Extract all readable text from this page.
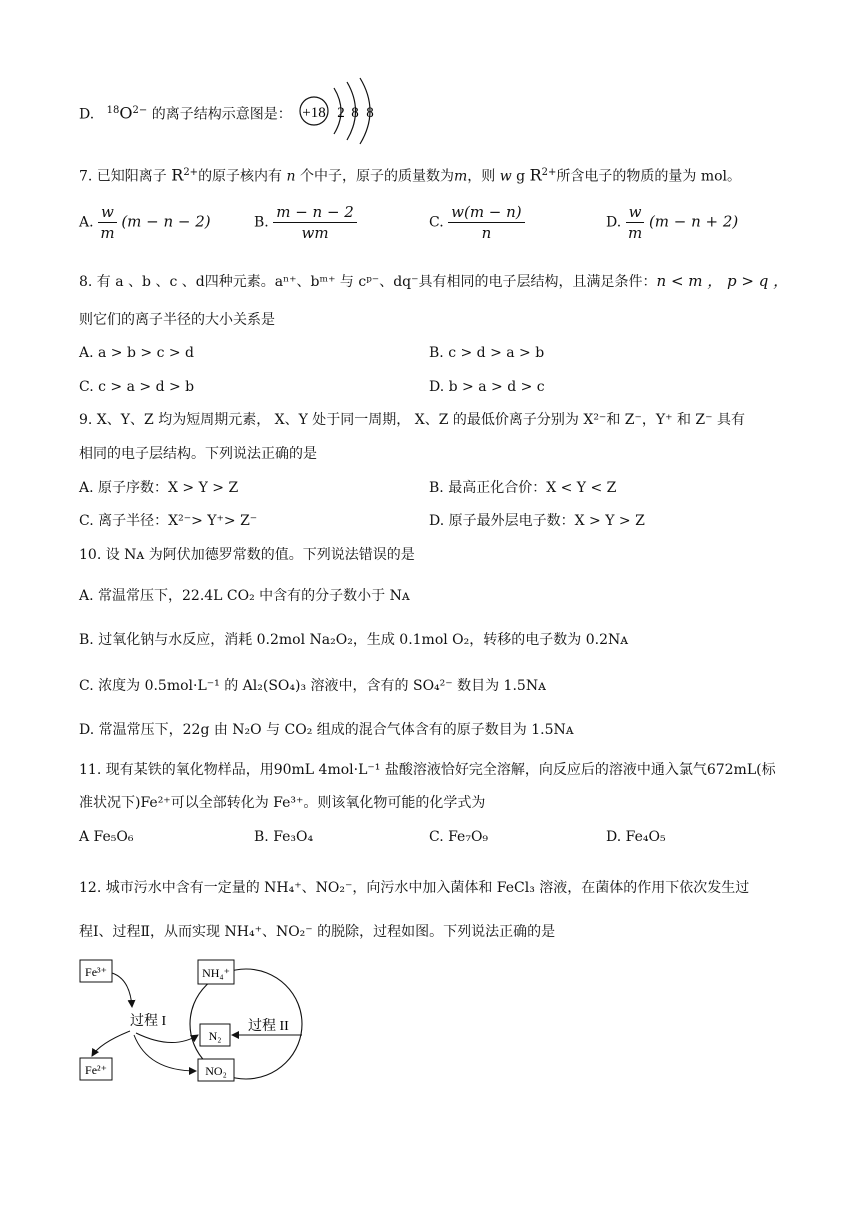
D. $^{18}O^{2-}$ 的离子结构示意图是： +18 2 8 8
7. 已知阳离子 $R^{2+}$的原子核内有 n 个中子，原子的质量数为m，则 w g $R^{2+}$所含电子的物质的量为 mol。
A. $\frac{w}{m} (m - n - 2)$	B. $\frac{m - n - 2}{wm}$	C. $\frac{w(m - n)}{n}$	D. $\frac{w}{m} (m - n + 2)$
8. 有 a 、b 、c 、d四种元素。aⁿ⁺、bᵐ⁺ 与 cᵖ⁻、dq⁻具有相同的电子层结构，且满足条件：n < m ， p > q ，
则它们的离子半径的大小关系是
A. a > b > c > d	B. c > d > a > b
C. c > a > d > b	D. b > a > d > c
9. X、Y、Z 均为短周期元素， X、Y 处于同一周期， X、Z 的最低价离子分别为 X²⁻和 Z⁻，Y⁺ 和 Z⁻ 具有
相同的电子层结构。下列说法正确的是
A. 原子序数：X > Y > Z	B. 最高正化合价：X < Y < Z
C. 离子半径：X²⁻> Y⁺> Z⁻	D. 原子最外层电子数：X > Y > Z
10. 设 Nᴀ 为阿伏加德罗常数的值。下列说法错误的是
A. 常温常压下，22.4L CO₂ 中含有的分子数小于 Nᴀ
B. 过氧化钠与水反应，消耗 0.2mol Na₂O₂，生成 0.1mol O₂，转移的电子数为 0.2Nᴀ
C. 浓度为 0.5mol·L⁻¹ 的 Al₂(SO₄)₃ 溶液中，含有的 SO₄²⁻ 数目为 1.5Nᴀ
D. 常温常压下，22g 由 N₂O 与 CO₂ 组成的混合气体含有的原子数目为 1.5Nᴀ
11. 现有某铁的氧化物样品，用90mL 4mol·L⁻¹ 盐酸溶液恰好完全溶解，向反应后的溶液中通入氯气672mL(标
准状况下)Fe²⁺可以全部转化为 Fe³⁺。则该氧化物可能的化学式为
A Fe₅O₆	B. Fe₃O₄	C. Fe₇O₉	D. Fe₄O₅
12. 城市污水中含有一定量的 NH₄⁺、NO₂⁻，向污水中加入菌体和 FeCl₃ 溶液，在菌体的作用下依次发生过
程Ⅰ、过程Ⅱ，从而实现 NH₄⁺、NO₂⁻ 的脱除，过程如图。下列说法正确的是
Fe³⁺	NH₄⁺
N₂
NO₂
Fe²⁺
过程 I	过程 II
